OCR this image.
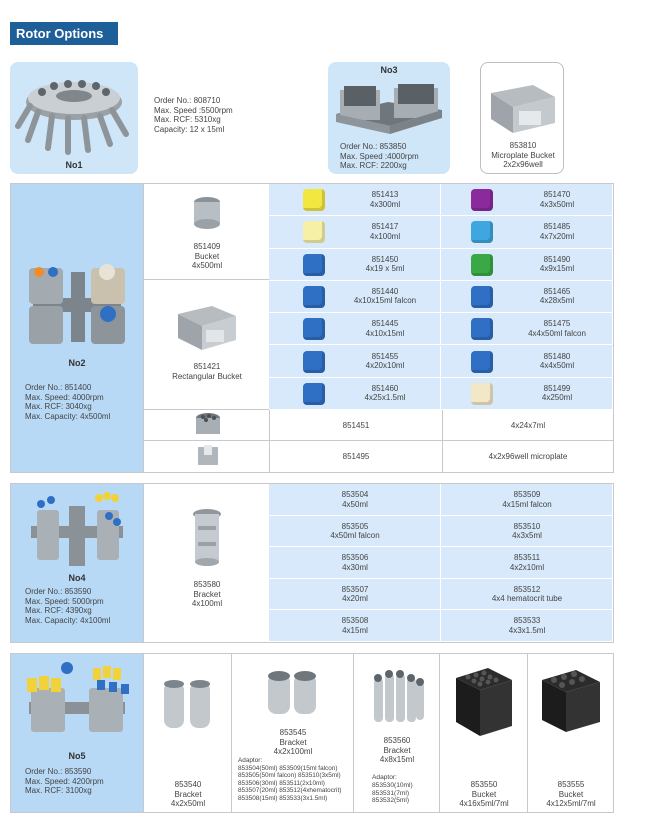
Rotor Options
No1
Order No.: 808710
Max. Speed :5500rpm
Max. RCF: 5310xg
Capacity: 12 x 15ml
No3
Order No.: 853850
Max. Speed :4000rpm
Max. RCF: 2200xg
853810
Microplate Bucket
2x2x96well
No2
Order No.: 851400
Max. Speed: 4000rpm
Max. RCF: 3040xg
Max. Capacity: 4x500ml
851409
Bucket
4x500ml
851421
Rectangular Bucket
851413
4x300ml
851417
4x100ml
851450
4x19 x 5ml
851440
4x10x15ml falcon
851445
4x10x15ml
851455
4x20x10ml
851460
4x25x1.5ml
851470
4x3x50ml
851485
4x7x20ml
851490
4x9x15ml
851465
4x28x5ml
851475
4x4x50ml falcon
851480
4x4x50ml
851499
4x250ml
851451	4x24x7ml
851495	4x2x96well microplate
No4
Order No.: 853590
Max. Speed: 5000rpm
Max. RCF: 4390xg
Max. Capacity: 4x100ml
853580
Bracket
4x100ml
853504
4x50ml
853505
4x50ml falcon
853506
4x30ml
853507
4x20ml
853508
4x15ml
853509
4x15ml falcon
853510
4x3x5ml
853511
4x2x10ml
853512
4x4 hematocrit tube
853533
4x3x1.5ml
No5
Order No.: 853590
Max. Speed: 4200rpm
Max. RCF: 3100xg
853540
Bracket
4x2x50ml
853545
Bracket
4x2x100ml
Adaptor:
853504(50ml) 853509(15ml falcon)
853505(50ml falcon) 853510(3x5ml)
853506(30ml) 853511(2x10ml)
853507(20ml) 853512(4xhematocrit)
853508(15ml) 853533(3x1.5ml)
853560
Bracket
4x8x15ml
Adaptor:
853530(10ml)
853531(7ml)
853532(5ml)
853550
Bucket
4x16x5ml/7ml
853555
Bucket
4x12x5ml/7ml
